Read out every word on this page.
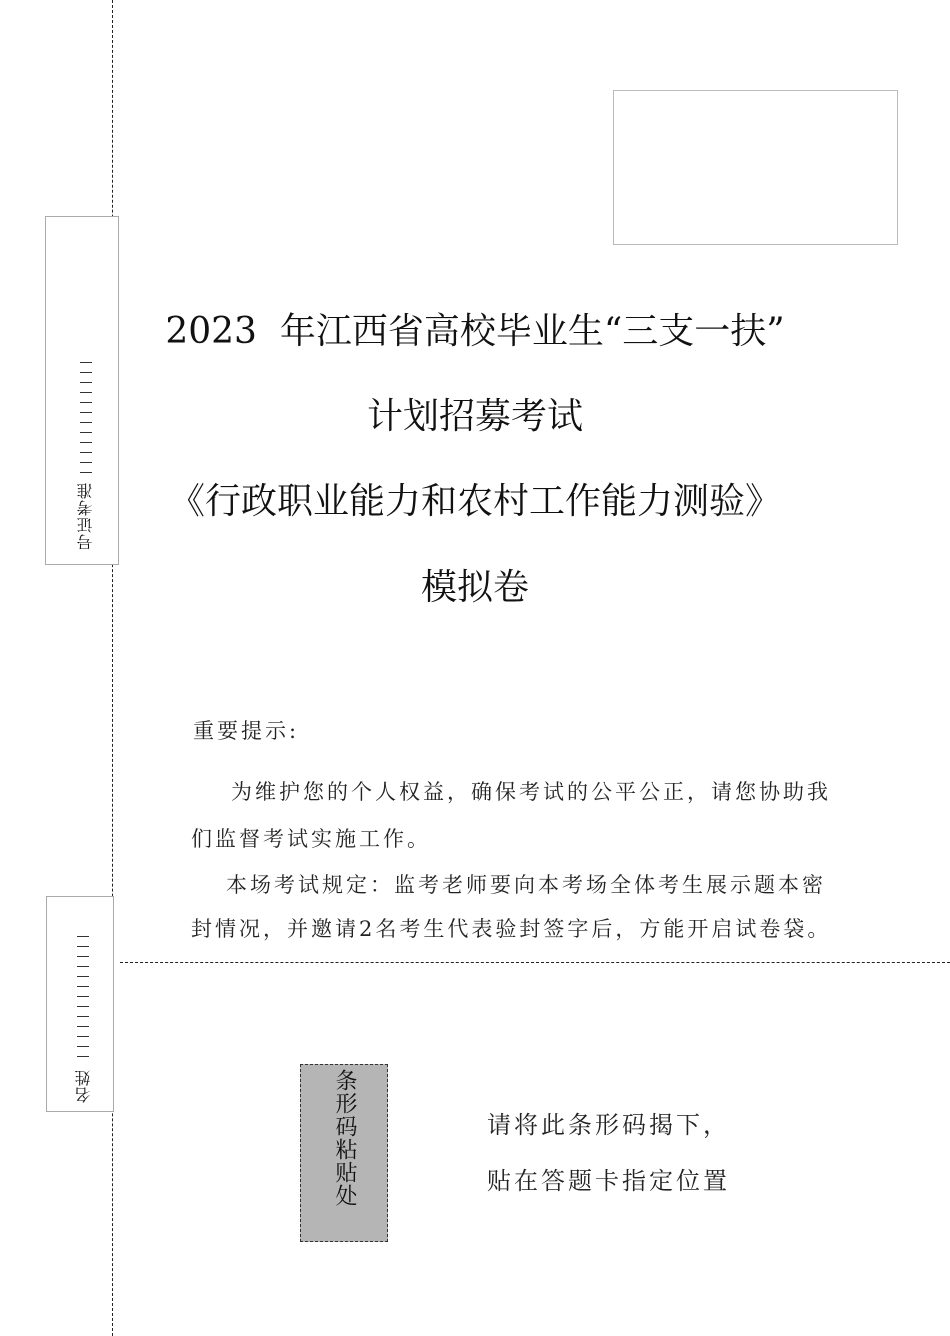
号证考准
名姓
2023  年江西省高校毕业生“三支一扶”
计划招募考试
《行政职业能力和农村工作能力测验》
模拟卷
重要提示:
为维护您的个人权益，确保考试的公平公正，请您协助我
们监督考试实施工作。
本场考试规定：监考老师要向本考场全体考生展示题本密
封情况，并邀请2名考生代表验封签字后，方能开启试卷袋。
条形码粘贴处	请将此条形码揭下，
贴在答题卡指定位置
